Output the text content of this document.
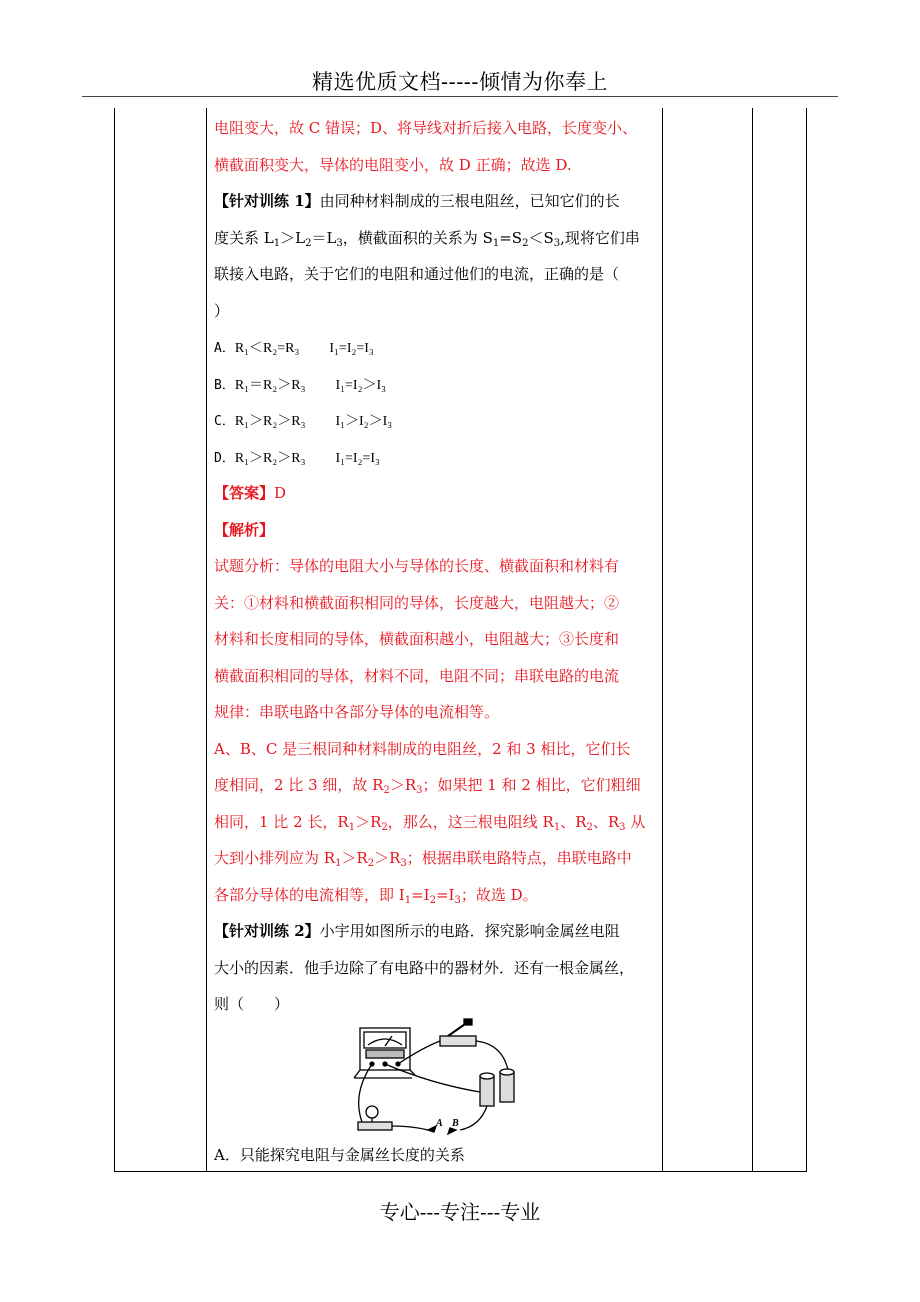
精选优质文档-----倾情为你奉上
电阻变大，故 C 错误；D、将导线对折后接入电路，长度变小、
横截面积变大，导体的电阻变小，故 D 正确；故选 D.
【针对训练 1】由同种材料制成的三根电阻丝，已知它们的长
度关系 $L_1>L_2=L_3$，横截面积的关系为 $S_1=S_2<S_3$,现将它们串
联接入电路，关于它们的电阻和通过他们的电流，正确的是（
）
A．R₁＜R₂=R₃ I₁=I₂=I₃
B．R₁＝R₂＞R₃ I₁=I₂＞I₃
C．R₁＞R₂＞R₃ I₁＞I₂＞I₃
D．R₁＞R₂＞R₃ I₁=I₂=I₃
【答案】D
【解析】
试题分析：导体的电阻大小与导体的长度、横截面积和材料有
关：①材料和横截面积相同的导体，长度越大，电阻越大；②
材料和长度相同的导体，横截面积越小，电阻越大；③长度和
横截面积相同的导体，材料不同，电阻不同；串联电路的电流
规律：串联电路中各部分导体的电流相等。
A、B、C 是三根同种材料制成的电阻丝，2 和 3 相比，它们长
度相同，2 比 3 细，故 $R_2>R_3$；如果把 1 和 2 相比，它们粗细
相同，1 比 2 长，$R_1>R_2$，那么，这三根电阻线 $R_1$、$R_2$、$R_3$ 从
大到小排列应为 $R_1>R_2>R_3$；根据串联电路特点，串联电路中
各部分导体的电流相等，即 $I_1=I_2=I_3$；故选 D。
【针对训练 2】小宇用如图所示的电路．探究影响金属丝电阻
大小的因素．他手边除了有电路中的器材外．还有一根金属丝，
则（　　）
A B
A．只能探究电阻与金属丝长度的关系
专心---专注---专业
